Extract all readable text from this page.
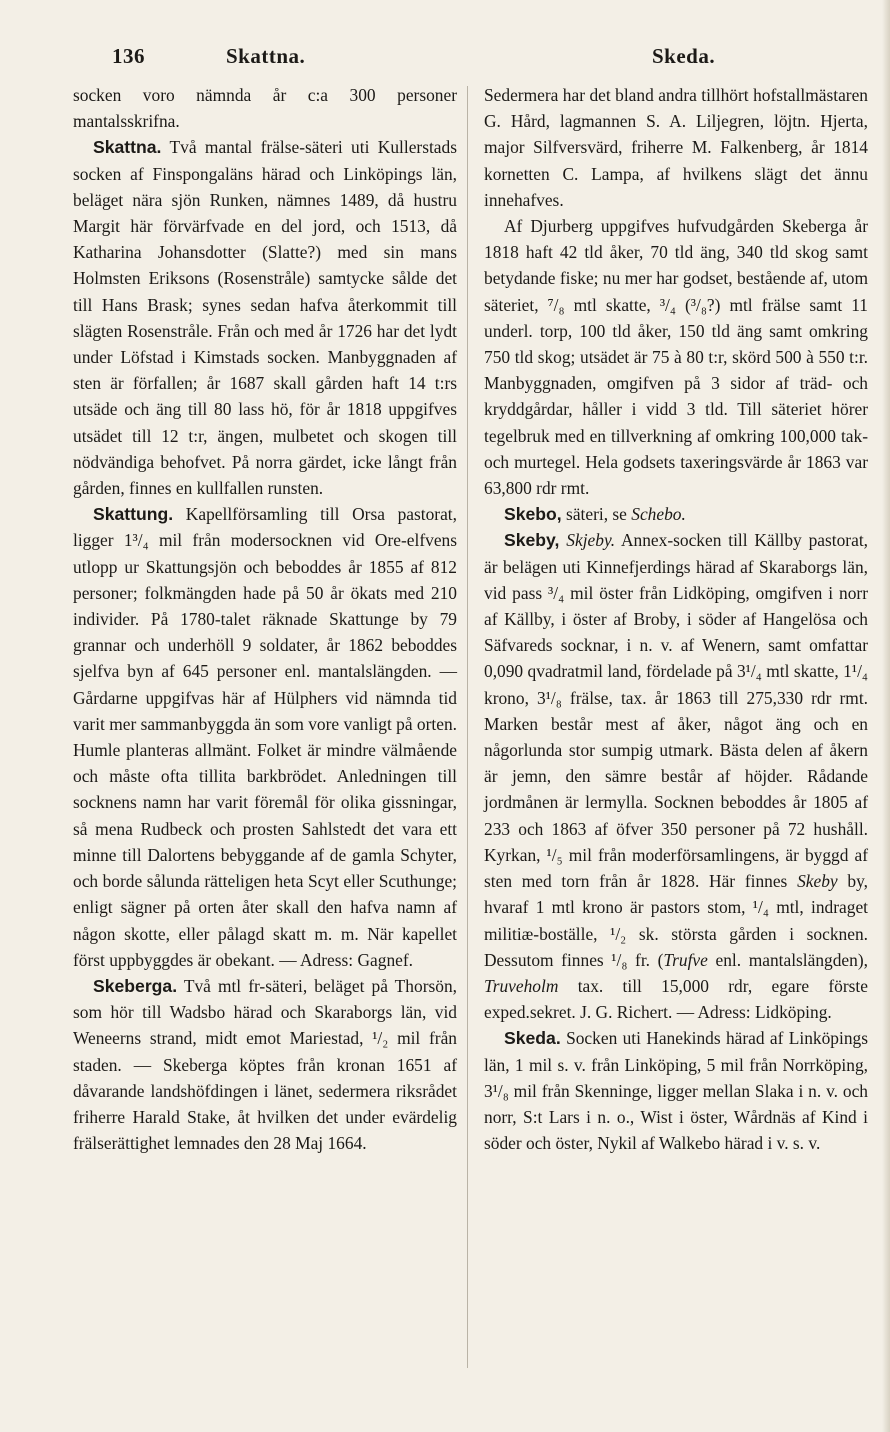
136	Skattna.	Skeda.

socken voro nämnda år c:a 300 personer mantalsskrifna.

Skattna. Två mantal frälse-säteri uti Kullerstads socken af Finspongaläns härad och Linköpings län, beläget nära sjön Runken, nämnes 1489, då hustru Margit här förvärfvade en del jord, och 1513, då Katharina Johansdotter (Slatte?) med sin mans Holmsten Eriksons (Rosenstråle) samtycke sålde det till Hans Brask; synes sedan hafva återkommit till slägten Rosenstråle. Från och med år 1726 har det lydt under Löfstad i Kimstads socken. Manbyggnaden af sten är förfallen; år 1687 skall gården haft 14 t:rs utsäde och äng till 80 lass hö, för år 1818 uppgifves utsädet till 12 t:r, ängen, mulbetet och skogen till nödvändiga behofvet. På norra gärdet, icke långt från gården, finnes en kullfallen runsten.

Skattung. Kapellförsamling till Orsa pastorat, ligger 1³/₄ mil från modersocknen vid Ore-elfvens utlopp ur Skattungsjön och beboddes år 1855 af 812 personer; folkmängden hade på 50 år ökats med 210 individer. På 1780-talet räknade Skattunge by 79 grannar och underhöll 9 soldater, år 1862 beboddes sjelfva byn af 645 personer enl. mantalslängden. — Gårdarne uppgifvas här af Hülphers vid nämnda tid varit mer sammanbyggda än som vore vanligt på orten. Humle planteras allmänt. Folket är mindre välmående och måste ofta tillita barkbrödet. Anledningen till socknens namn har varit föremål för olika gissningar, så mena Rudbeck och prosten Sahlstedt det vara ett minne till Dalortens bebyggande af de gamla Schyter, och borde sålunda rätteligen heta Scyt eller Scuthunge; enligt sägner på orten åter skall den hafva namn af någon skotte, eller pålagd skatt m. m. När kapellet först uppbyggdes är obekant. — Adress: Gagnef.

Skeberga. Två mtl fr-säteri, beläget på Thorsön, som hör till Wadsbo härad och Skaraborgs län, vid Weneerns strand, midt emot Mariestad, ¹/₂ mil från staden. — Skeberga köptes från kronan 1651 af dåvarande landshöfdingen i länet, sedermera riksrådet friherre Harald Stake, åt hvilken det under evärdelig frälserättighet lemnades den 28 Maj 1664.

Sedermera har det bland andra tillhört hofstallmästaren G. Hård, lagmannen S. A. Liljegren, löjtn. Hjerta, major Silfversvärd, friherre M. Falkenberg, år 1814 kornetten C. Lampa, af hvilkens slägt det ännu innehafves.

Af Djurberg uppgifves hufvudgården Skeberga år 1818 haft 42 tld åker, 70 tld äng, 340 tld skog samt betydande fiske; nu mer har godset, bestående af, utom säteriet, ⁷/₈ mtl skatte, ³/₄ (³/₈?) mtl frälse samt 11 underl. torp, 100 tld åker, 150 tld äng samt omkring 750 tld skog; utsädet är 75 à 80 t:r, skörd 500 à 550 t:r. Manbyggnaden, omgifven på 3 sidor af träd- och kryddgårdar, håller i vidd 3 tld. Till säteriet hörer tegelbruk med en tillverkning af omkring 100,000 tak- och murtegel. Hela godsets taxeringsvärde år 1863 var 63,800 rdr rmt.

Skebo, säteri, se Schebo.

Skeby, Skjeby. Annex-socken till Källby pastorat, är belägen uti Kinnefjerdings härad af Skaraborgs län, vid pass ³/₄ mil öster från Lidköping, omgifven i norr af Källby, i öster af Broby, i söder af Hangelösa och Säfvareds socknar, i n. v. af Wenern, samt omfattar 0,090 qvadratmil land, fördelade på 3¹/₄ mtl skatte, 1¹/₄ krono, 3¹/₈ frälse, tax. år 1863 till 275,330 rdr rmt. Marken består mest af åker, något äng och en någorlunda stor sumpig utmark. Bästa delen af åkern är jemn, den sämre består af höjder. Rådande jordmånen är lermylla. Socknen beboddes år 1805 af 233 och 1863 af öfver 350 personer på 72 hushåll. Kyrkan, ¹/₅ mil från moderförsamlingens, är byggd af sten med torn från år 1828. Här finnes Skeby by, hvaraf 1 mtl krono är pastors stom, ¹/₄ mtl, indraget militiæ-boställe, ¹/₂ sk. största gården i socknen. Dessutom finnes ¹/₈ fr. (Trufve enl. mantalslängden), Truveholm tax. till 15,000 rdr, egare förste exped.sekret. J. G. Richert. — Adress: Lidköping.

Skeda. Socken uti Hanekinds härad af Linköpings län, 1 mil s. v. från Linköping, 5 mil från Norrköping, 3¹/₈ mil från Skenninge, ligger mellan Slaka i n. v. och norr, S:t Lars i n. o., Wist i öster, Wårdnäs af Kind i söder och öster, Nykil af Walkebo härad i v. s. v.
